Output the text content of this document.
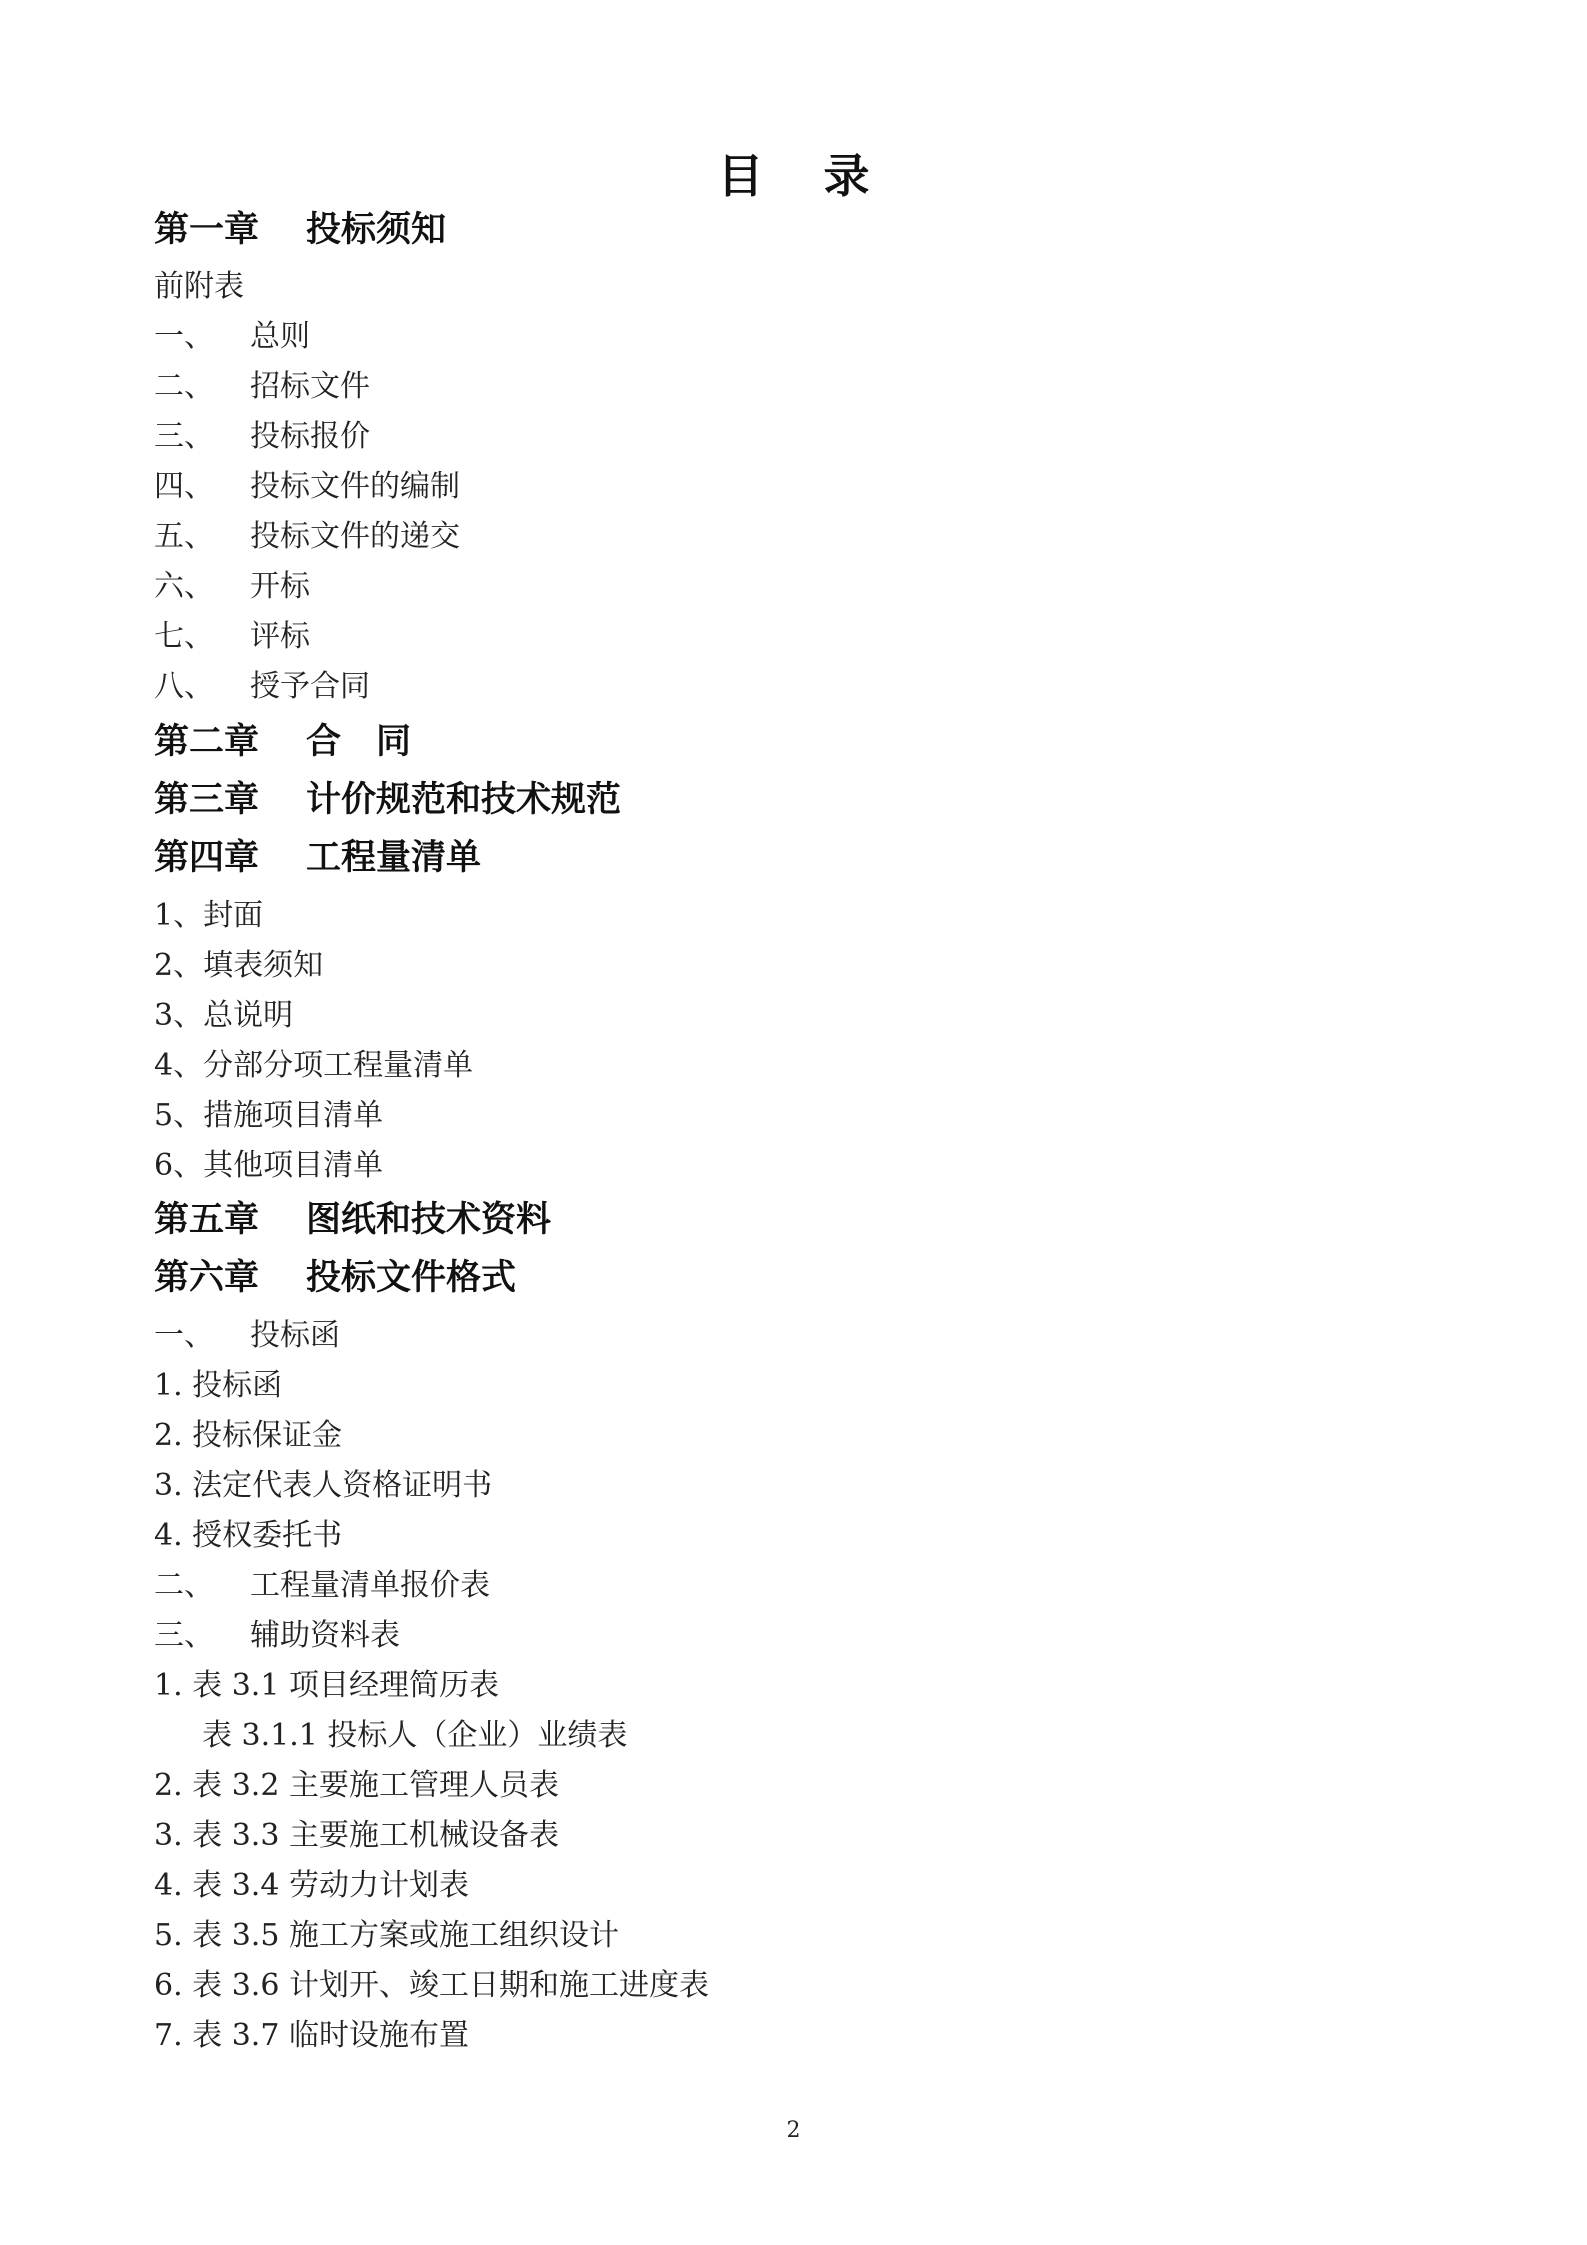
目 录
第一章 投标须知
前附表
一、 总则
二、 招标文件
三、 投标报价
四、 投标文件的编制
五、 投标文件的递交
六、 开标
七、 评标
八、 授予合同
第二章 合　同
第三章 计价规范和技术规范
第四章 工程量清单
1、封面
2、填表须知
3、总说明
4、分部分项工程量清单
5、措施项目清单
6、其他项目清单
第五章 图纸和技术资料
第六章 投标文件格式
一、 投标函
1. 投标函
2. 投标保证金
3. 法定代表人资格证明书
4. 授权委托书
二、 工程量清单报价表
三、 辅助资料表
1. 表 3.1 项目经理简历表
表 3.1.1 投标人（企业）业绩表
2. 表 3.2 主要施工管理人员表
3. 表 3.3 主要施工机械设备表
4. 表 3.4 劳动力计划表
5. 表 3.5 施工方案或施工组织设计
6. 表 3.6 计划开、竣工日期和施工进度表
7. 表 3.7 临时设施布置
2
